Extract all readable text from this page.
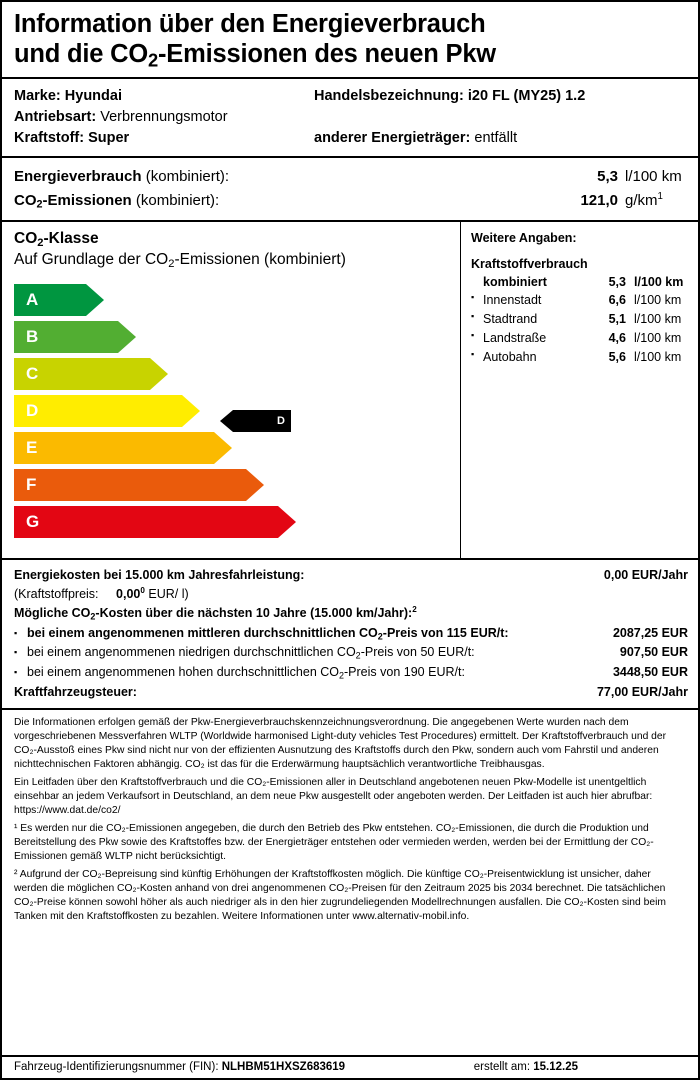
Information über den Energieverbrauch
und die $CO_2$-Emissionen des neuen Pkw
Marke: Hyundai	Handelsbezeichnung: i20 FL (MY25) 1.2
Antriebsart: Verbrennungsmotor
Kraftstoff: Super	anderer Energieträger: entfällt
Energieverbrauch (kombiniert):	5,3 l/100 km
$CO_2$-Emissionen (kombiniert):	121,0 $g/km^1$
$CO_2$-Klasse
Auf Grundlage der $CO_2$-Emissionen (kombiniert)
A
B
C
D
E
F
G
D
Weitere Angaben:
Kraftstoffverbrauch
kombiniert	5,3 l/100 km
▪ Innenstadt	6,6 l/100 km
▪ Stadtrand	5,1 l/100 km
▪ Landstraße	4,6 l/100 km
▪ Autobahn	5,6 l/100 km
Energiekosten bei 15.000 km Jahresfahrleistung:	0,00 EUR/Jahr
(Kraftstoffpreis: 0,00$^0$ EUR/ l)
Mögliche $CO_2$-Kosten über die nächsten 10 Jahre (15.000 km/Jahr):$^2$
▪ bei einem angenommenen mittleren durchschnittlichen $CO_2$-Preis von 115 EUR/t:	2087,25 EUR
▪ bei einem angenommenen niedrigen durchschnittlichen $CO_2$-Preis von 50 EUR/t:	907,50 EUR
▪ bei einem angenommenen hohen durchschnittlichen $CO_2$-Preis von 190 EUR/t:	3448,50 EUR
Kraftfahrzeugsteuer:	77,00 EUR/Jahr

Die Informationen erfolgen gemäß der Pkw-Energieverbrauchskennzeichnungsverordnung. Die angegebenen Werte wurden nach dem vorgeschriebenen Messverfahren WLTP (Worldwide harmonised Light-duty vehicles Test Procedures) ermittelt. Der Kraftstoffverbrauch und der CO₂-Ausstoß eines Pkw sind nicht nur von der effizienten Ausnutzung des Kraftstoffs durch den Pkw, sondern auch vom Fahrstil und anderen nichttechnischen Faktoren abhängig. CO₂ ist das für die Erderwärmung hauptsächlich verantwortliche Treibhausgas.

Ein Leitfaden über den Kraftstoffverbrauch und die CO₂-Emissionen aller in Deutschland angebotenen neuen Pkw-Modelle ist unentgeltlich einsehbar an jedem Verkaufsort in Deutschland, an dem neue Pkw ausgestellt oder angeboten werden. Der Leitfaden ist auch hier abrufbar: https://www.dat.de/co2/

¹ Es werden nur die CO₂-Emissionen angegeben, die durch den Betrieb des Pkw entstehen. CO₂-Emissionen, die durch die Produktion und Bereitstellung des Pkw sowie des Kraftstoffes bzw. der Energieträger entstehen oder vermieden werden, werden bei der Ermittlung der CO₂-Emissionen gemäß WLTP nicht berücksichtigt.

² Aufgrund der CO₂-Bepreisung sind künftig Erhöhungen der Kraftstoffkosten möglich. Die künftige CO₂-Preisentwicklung ist unsicher, daher werden die möglichen CO₂-Kosten anhand von drei angenommenen CO₂-Preisen für den Zeitraum 2025 bis 2034 berechnet. Die tatsächlichen CO₂-Preise können sowohl höher als auch niedriger als in den hier zugrundeliegenden Modellrechnungen ausfallen. Die CO₂-Kosten sind beim Tanken mit den Kraftstoffkosten zu bezahlen. Weitere Informationen unter www.alternativ-mobil.info.

Fahrzeug-Identifizierungsnummer (FIN): NLHBM51HXSZ683619	erstellt am: 15.12.25
